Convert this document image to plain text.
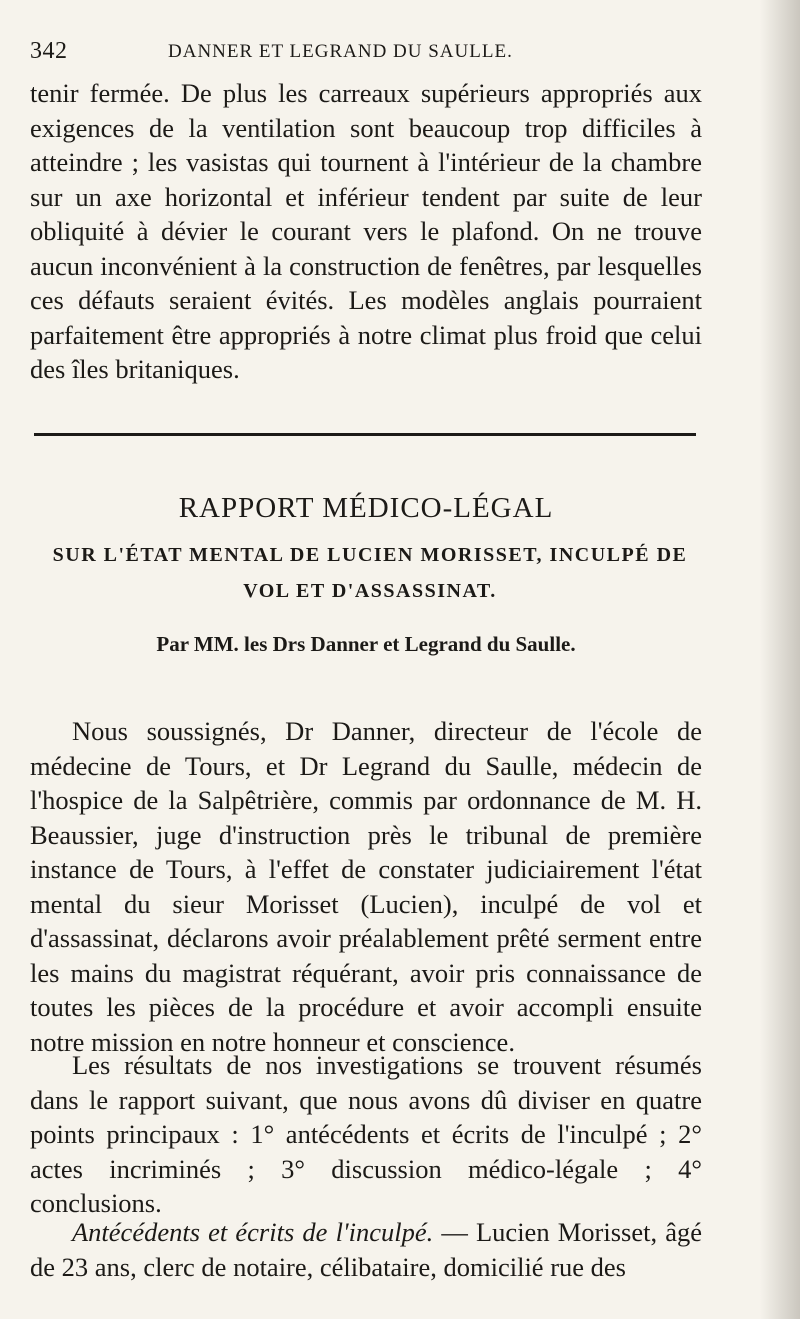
342	DANNER ET LEGRAND DU SAULLE.

tenir fermée. De plus les carreaux supérieurs appropriés aux exigences de la ventilation sont beaucoup trop difficiles à atteindre ; les vasistas qui tournent à l'intérieur de la chambre sur un axe horizontal et inférieur tendent par suite de leur obliquité à dévier le courant vers le plafond. On ne trouve aucun inconvénient à la construction de fenêtres, par lesquelles ces défauts seraient évités. Les modèles anglais pourraient parfaitement être appropriés à notre climat plus froid que celui des îles britaniques.

RAPPORT MÉDICO-LÉGAL
SUR L'ÉTAT MENTAL DE LUCIEN MORISSET, INCULPÉ DE VOL ET D'ASSASSINAT.
Par MM. les Drs Danner et Legrand du Saulle.

Nous soussignés, Dr Danner, directeur de l'école de médecine de Tours, et Dr Legrand du Saulle, médecin de l'hospice de la Salpêtrière, commis par ordonnance de M. H. Beaussier, juge d'instruction près le tribunal de première instance de Tours, à l'effet de constater judiciairement l'état mental du sieur Morisset (Lucien), inculpé de vol et d'assassinat, déclarons avoir préalablement prêté serment entre les mains du magistrat réquérant, avoir pris connaissance de toutes les pièces de la procédure et avoir accompli ensuite notre mission en notre honneur et conscience.

Les résultats de nos investigations se trouvent résumés dans le rapport suivant, que nous avons dû diviser en quatre points principaux : 1° antécédents et écrits de l'inculpé ; 2° actes incriminés ; 3° discussion médico-légale ; 4° conclusions.

Antécédents et écrits de l'inculpé. — Lucien Morisset, âgé de 23 ans, clerc de notaire, célibataire, domicilié rue des
